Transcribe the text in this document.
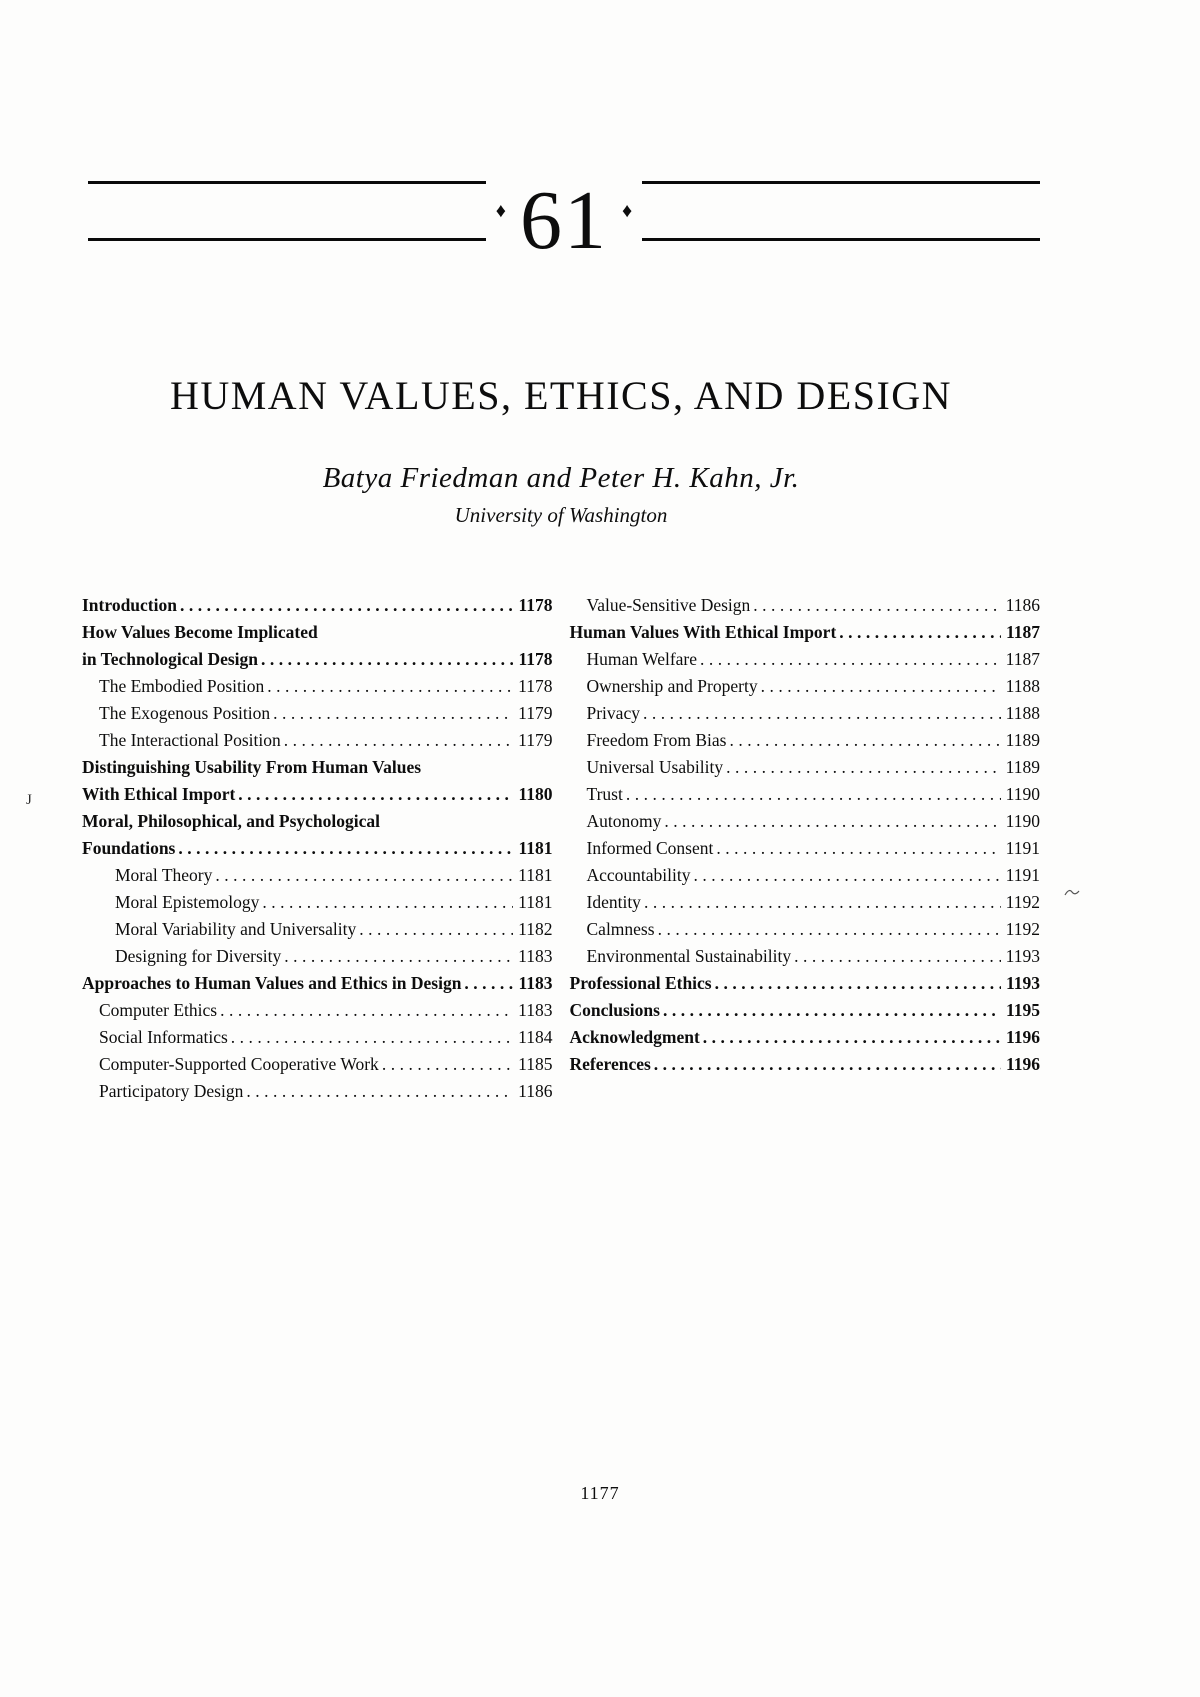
♦ 61 ♦
HUMAN VALUES, ETHICS, AND DESIGN
Batya Friedman and Peter H. Kahn, Jr.
University of Washington
Introduction .....	1178
How Values Become Implicated
in Technological Design .....	1178
The Embodied Position .....	1178
The Exogenous Position .....	1179
The Interactional Position .....	1179
Distinguishing Usability From Human Values
With Ethical Import .....	1180
Moral, Philosophical, and Psychological
Foundations .....	1181
Moral Theory .....	1181
Moral Epistemology .....	1181
Moral Variability and Universality .....	1182
Designing for Diversity .....	1183
Approaches to Human Values and Ethics in Design .....	1183
Computer Ethics .....	1183
Social Informatics .....	1184
Computer-Supported Cooperative Work .....	1185
Participatory Design .....	1186
Value-Sensitive Design .....	1186
Human Values With Ethical Import .....	1187
Human Welfare .....	1187
Ownership and Property .....	1188
Privacy .....	1188
Freedom From Bias .....	1189
Universal Usability .....	1189
Trust .....	1190
Autonomy .....	1190
Informed Consent .....	1191
Accountability .....	1191
Identity .....	1192
Calmness .....	1192
Environmental Sustainability .....	1193
Professional Ethics .....	1193
Conclusions .....	1195
Acknowledgment .....	1196
References .....	1196
1177
J
